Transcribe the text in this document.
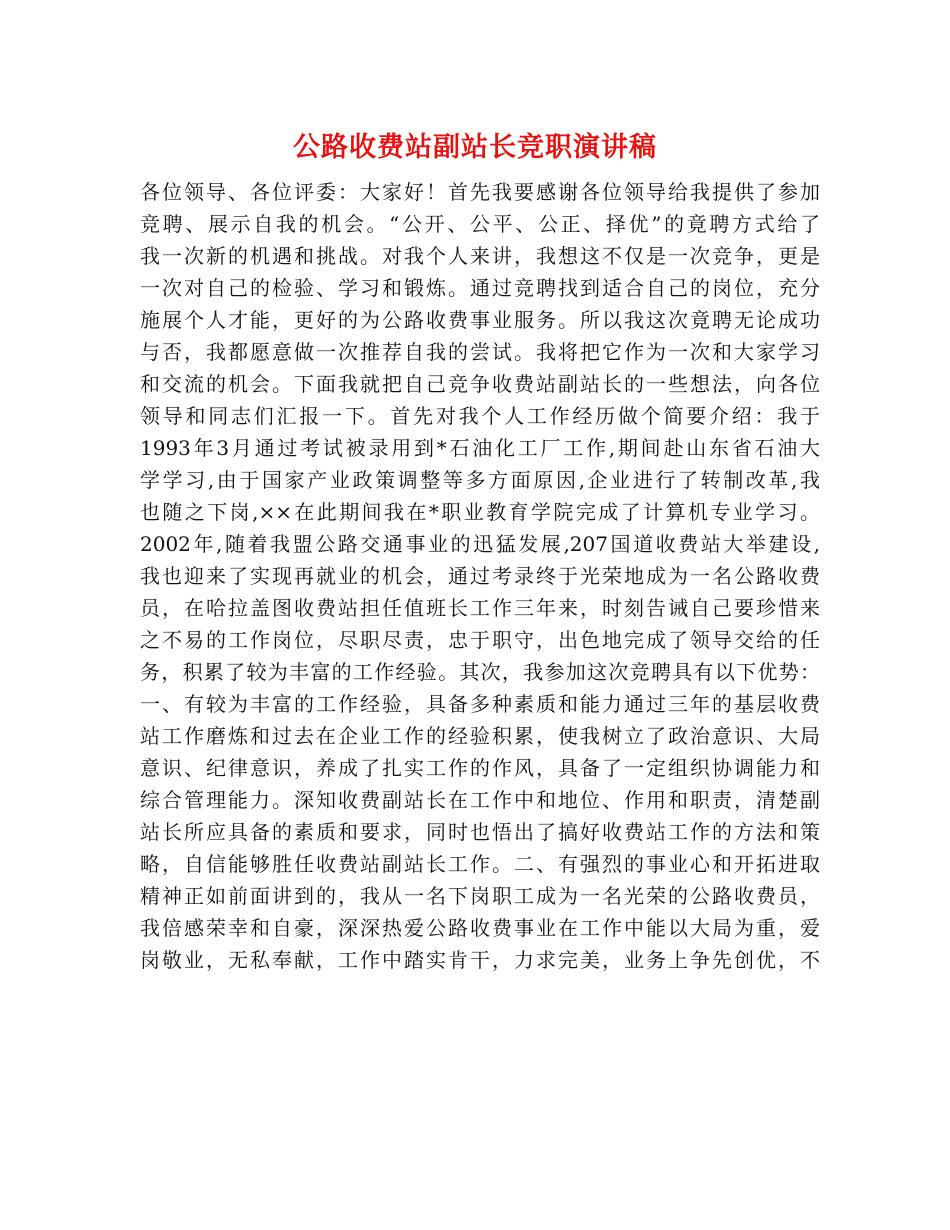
公路收费站副站长竞职演讲稿
各位领导、各位评委：大家好！首先我要感谢各位领导给我提供了参加
竞聘、展示自我的机会。“公开、公平、公正、择优”的竟聘方式给了
我一次新的机遇和挑战。对我个人来讲，我想这不仅是一次竞争，更是
一次对自己的检验、学习和锻炼。通过竞聘找到适合自己的岗位，充分
施展个人才能，更好的为公路收费事业服务。所以我这次竟聘无论成功
与否，我都愿意做一次推荐自我的尝试。我将把它作为一次和大家学习
和交流的机会。下面我就把自己竞争收费站副站长的一些想法，向各位
领导和同志们汇报一下。首先对我个人工作经历做个简要介绍：我于
1993年3月通过考试被录用到*石油化工厂工作,期间赴山东省石油大
学学习,由于国家产业政策调整等多方面原因,企业进行了转制改革,我
也随之下岗,××在此期间我在*职业教育学院完成了计算机专业学习。
2002年,随着我盟公路交通事业的迅猛发展,207国道收费站大举建设,
我也迎来了实现再就业的机会，通过考录终于光荣地成为一名公路收费
员，在哈拉盖图收费站担任值班长工作三年来，时刻告诫自己要珍惜来
之不易的工作岗位，尽职尽责，忠于职守，出色地完成了领导交给的任
务，积累了较为丰富的工作经验。其次，我参加这次竞聘具有以下优势：
一、有较为丰富的工作经验，具备多种素质和能力通过三年的基层收费
站工作磨炼和过去在企业工作的经验积累，使我树立了政治意识、大局
意识、纪律意识，养成了扎实工作的作风，具备了一定组织协调能力和
综合管理能力。深知收费副站长在工作中和地位、作用和职责，清楚副
站长所应具备的素质和要求，同时也悟出了搞好收费站工作的方法和策
略，自信能够胜任收费站副站长工作。二、有强烈的事业心和开拓进取
精神正如前面讲到的，我从一名下岗职工成为一名光荣的公路收费员，
我倍感荣幸和自豪，深深热爱公路收费事业在工作中能以大局为重，爱
岗敬业，无私奉献，工作中踏实肯干，力求完美，业务上争先创优，不
